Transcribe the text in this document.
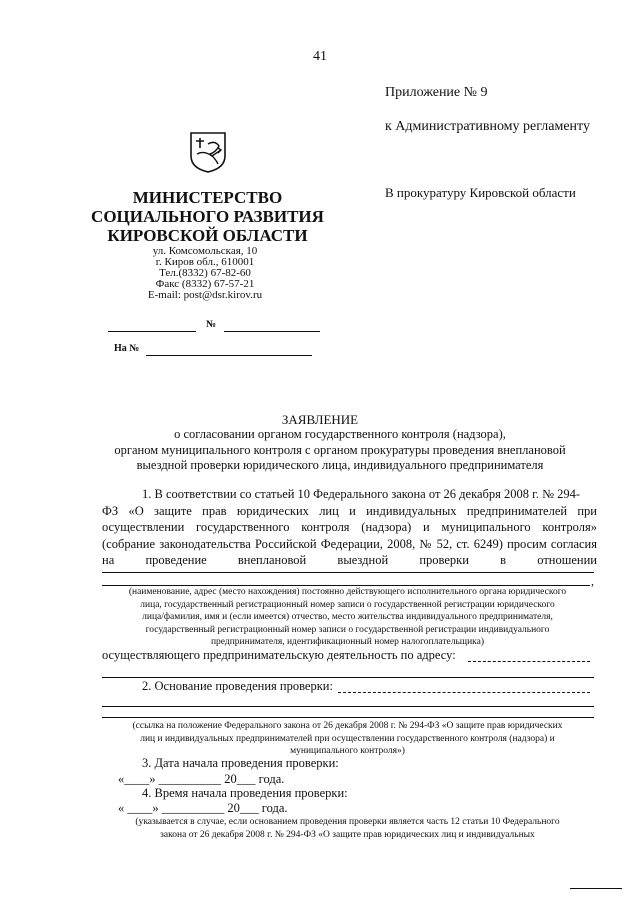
41
Приложение № 9
к Административному регламенту
В прокуратуру Кировской области
МИНИСТЕРСТВО
СОЦИАЛЬНОГО РАЗВИТИЯ
КИРОВСКОЙ ОБЛАСТИ
ул. Комсомольская, 10
г. Киров обл., 610001
Тел.(8332) 67-82-60
Факс (8332) 67-57-21
E-mail: post@dsr.kirov.ru
№
На №
ЗАЯВЛЕНИЕ
о согласовании органом государственного контроля (надзора),
органом муниципального контроля с органом прокуратуры проведения внеплановой
выездной проверки юридического лица, индивидуального предпринимателя
1. В соответствии со статьей 10 Федерального закона от 26 декабря 2008 г. № 294-
ФЗ «О защите прав юридических лиц и индивидуальных предпринимателей при
осуществлении государственного контроля (надзора) и муниципального контроля»
(собрание законодательства Российской Федерации, 2008, № 52, ст. 6249) просим согласия
на проведение внеплановой выездной проверки в отношении
,
(наименование, адрес (место нахождения) постоянно действующего исполнительного органа юридического
лица, государственный регистрационный номер записи о государственной регистрации юридического
лица/фамилия, имя и (если имеется) отчество, место жительства индивидуального предпринимателя,
государственный регистрационный номер записи о государственной регистрации индивидуального
предпринимателя, идентификационный номер налогоплательщика)
осуществляющего предпринимательскую деятельность по адресу:
2. Основание проведения проверки:
(ссылка на положение Федерального закона от 26 декабря 2008 г. № 294-ФЗ «О защите прав юридических
лиц и индивидуальных предпринимателей при осуществлении государственного контроля (надзора) и
муниципального контроля»)
3. Дата начала проведения проверки:
«____» __________ 20___ года.
4. Время начала проведения проверки:
« ____» __________ 20___ года.
(указывается в случае, если основанием проведения проверки является часть 12 статьи 10 Федерального
закона от 26 декабря 2008 г. № 294-ФЗ «О защите прав юридических лиц и индивидуальных
